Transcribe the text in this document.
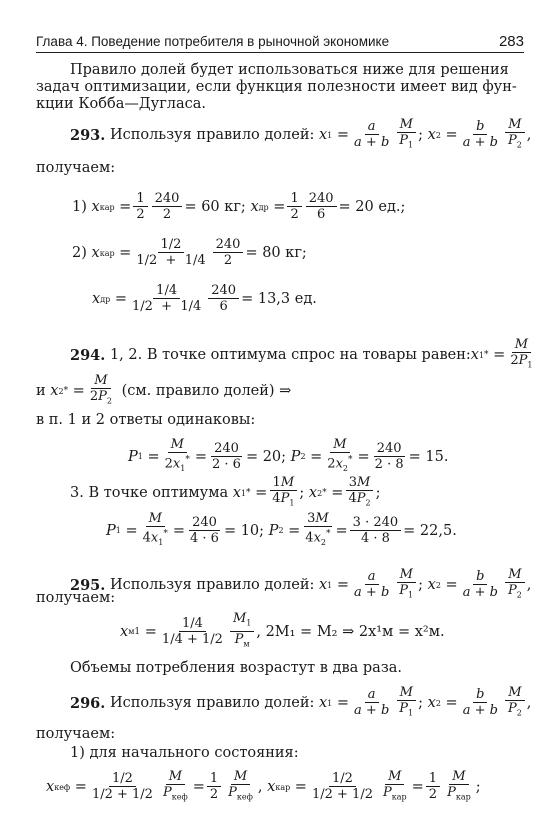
Глава 4. Поведение потребителя в рыночной экономике	283
Правило долей будет использоваться ниже для решения
задач оптимизации, если функция полезности имеет вид фун-
кции Кобба—Дугласа.
293.
Используя правило долей:
x $1 = \frac{a}{a + b} \frac{M}{P_1}$ ; x $2 = \frac{b}{a + b} \frac{M}{P_2}$ ,
получаем:
1)
x кар = $\frac{1}{2} \frac{240}{2} = 60$ кг;
x др = $\frac{1}{2} \frac{240}{6} = 20$ ед.;
2)
x кар = $\frac{1/2}{1/2 + 1/4} \frac{240}{2} = 80$ кг;
x др = $\frac{1/4}{1/2 + 1/4} \frac{240}{6} = 13,3$ ед.
294.
1, 2. В точке оптимума спрос на товары равен: x 1 * = $\frac{M}{2P_1}$
и
x 2 * = $\frac{M}{2P_2}$
(см. правило долей) ⇒
в п. 1 и 2 ответы одинаковы:
P $1 = \frac{M}{2x_1^*} = \frac{240}{2 \cdot 6} = 20$;
P $2 = \frac{M}{2x_2^*} = \frac{240}{2 \cdot 8} = 15$.
3. В точке оптимума
x 1 * = $\frac{1M}{4P_1}$ ; x 2 * = $\frac{3M}{4P_2}$ ;
P $1 = \frac{M}{4x_1^*} = \frac{240}{4 \cdot 6} = 10$;
P $2 = \frac{3M}{4x_2^*} = \frac{3 \cdot 240}{4 \cdot 8} = 22,5$.
295.
Используя правило долей:
x $1 = \frac{a}{a + b} \frac{M}{P_1}$ ; x $2 = \frac{b}{a + b} \frac{M}{P_2}$ ,
получаем:
x м $1 = \frac{1/4}{1/4 + 1/2} \frac{M_1}{P_м}$ , 2M₁ = M₂ ⇒ 2x¹м = x²м.
Объемы потребления возрастут в два раза.
296.
Используя правило долей:
x $1 = \frac{a}{a + b} \frac{M}{P_1}$ ; x $2 = \frac{b}{a + b} \frac{M}{P_2}$ ,
получаем:
1) для начального состояния:
x кеф = $\frac{1/2}{1/2 + 1/2} \frac{M}{P_{кеф}} = \frac{1}{2} \frac{M}{P_{кеф}}$ , x кар = $\frac{1/2}{1/2 + 1/2} \frac{M}{P_{кар}} = \frac{1}{2} \frac{M}{P_{кар}}$ ;
